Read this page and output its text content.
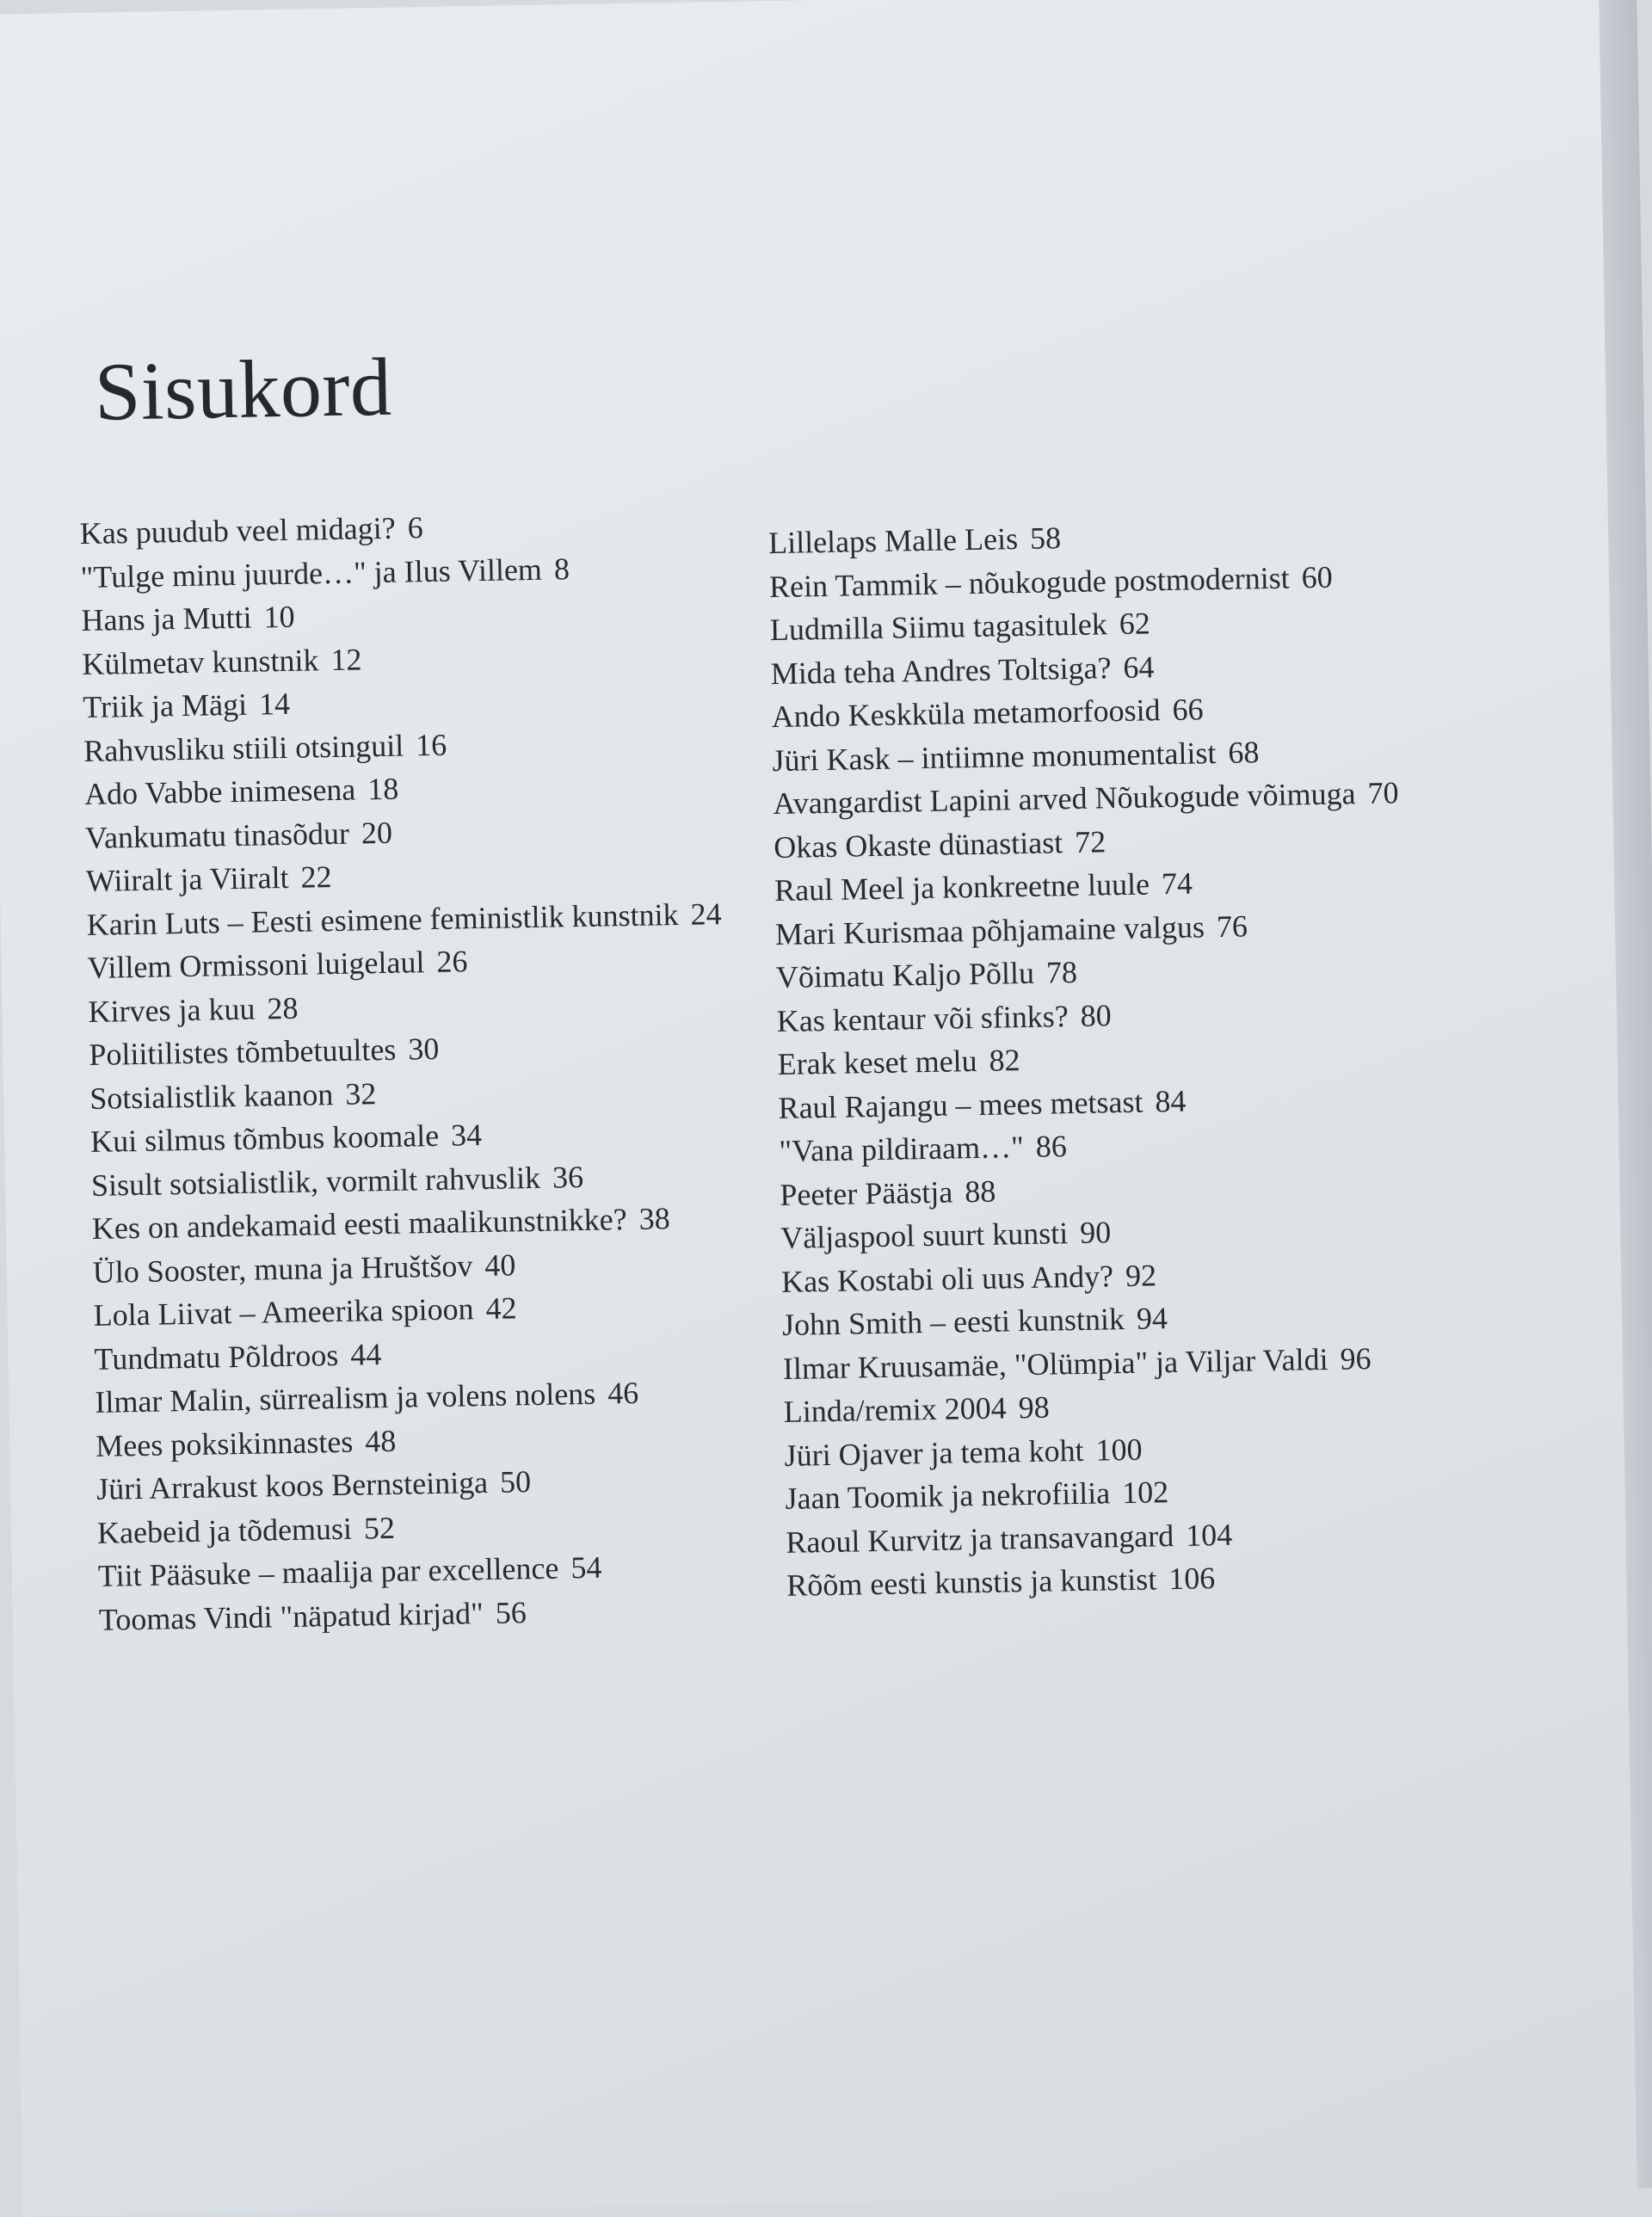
Sisukord
Kas puudub veel midagi? 6
"Tulge minu juurde…" ja Ilus Villem 8
Hans ja Mutti 10
Külmetav kunstnik 12
Triik ja Mägi 14
Rahvusliku stiili otsinguil 16
Ado Vabbe inimesena 18
Vankumatu tinasõdur 20
Wiiralt ja Viiralt 22
Karin Luts – Eesti esimene feministlik kunstnik 24
Villem Ormissoni luigelaul 26
Kirves ja kuu 28
Poliitilistes tõmbetuultes 30
Sotsialistlik kaanon 32
Kui silmus tõmbus koomale 34
Sisult sotsialistlik, vormilt rahvuslik 36
Kes on andekamaid eesti maalikunstnikke? 38
Ülo Sooster, muna ja Hruštšov 40
Lola Liivat – Ameerika spioon 42
Tundmatu Põldroos 44
Ilmar Malin, sürrealism ja volens nolens 46
Mees poksikinnastes 48
Jüri Arrakust koos Bernsteiniga 50
Kaebeid ja tõdemusi 52
Tiit Pääsuke – maalija par excellence 54
Toomas Vindi "näpatud kirjad" 56
Lillelaps Malle Leis 58
Rein Tammik – nõukogude postmodernist 60
Ludmilla Siimu tagasitulek 62
Mida teha Andres Toltsiga? 64
Ando Keskküla metamorfoosid 66
Jüri Kask – intiimne monumentalist 68
Avangardist Lapini arved Nõukogude võimuga 70
Okas Okaste dünastiast 72
Raul Meel ja konkreetne luule 74
Mari Kurismaa põhjamaine valgus 76
Võimatu Kaljo Põllu 78
Kas kentaur või sfinks? 80
Erak keset melu 82
Raul Rajangu – mees metsast 84
"Vana pildiraam…" 86
Peeter Päästja 88
Väljaspool suurt kunsti 90
Kas Kostabi oli uus Andy? 92
John Smith – eesti kunstnik 94
Ilmar Kruusamäe, "Olümpia" ja Viljar Valdi 96
Linda/remix 2004 98
Jüri Ojaver ja tema koht 100
Jaan Toomik ja nekrofiilia 102
Raoul Kurvitz ja transavangard 104
Rõõm eesti kunstis ja kunstist 106
